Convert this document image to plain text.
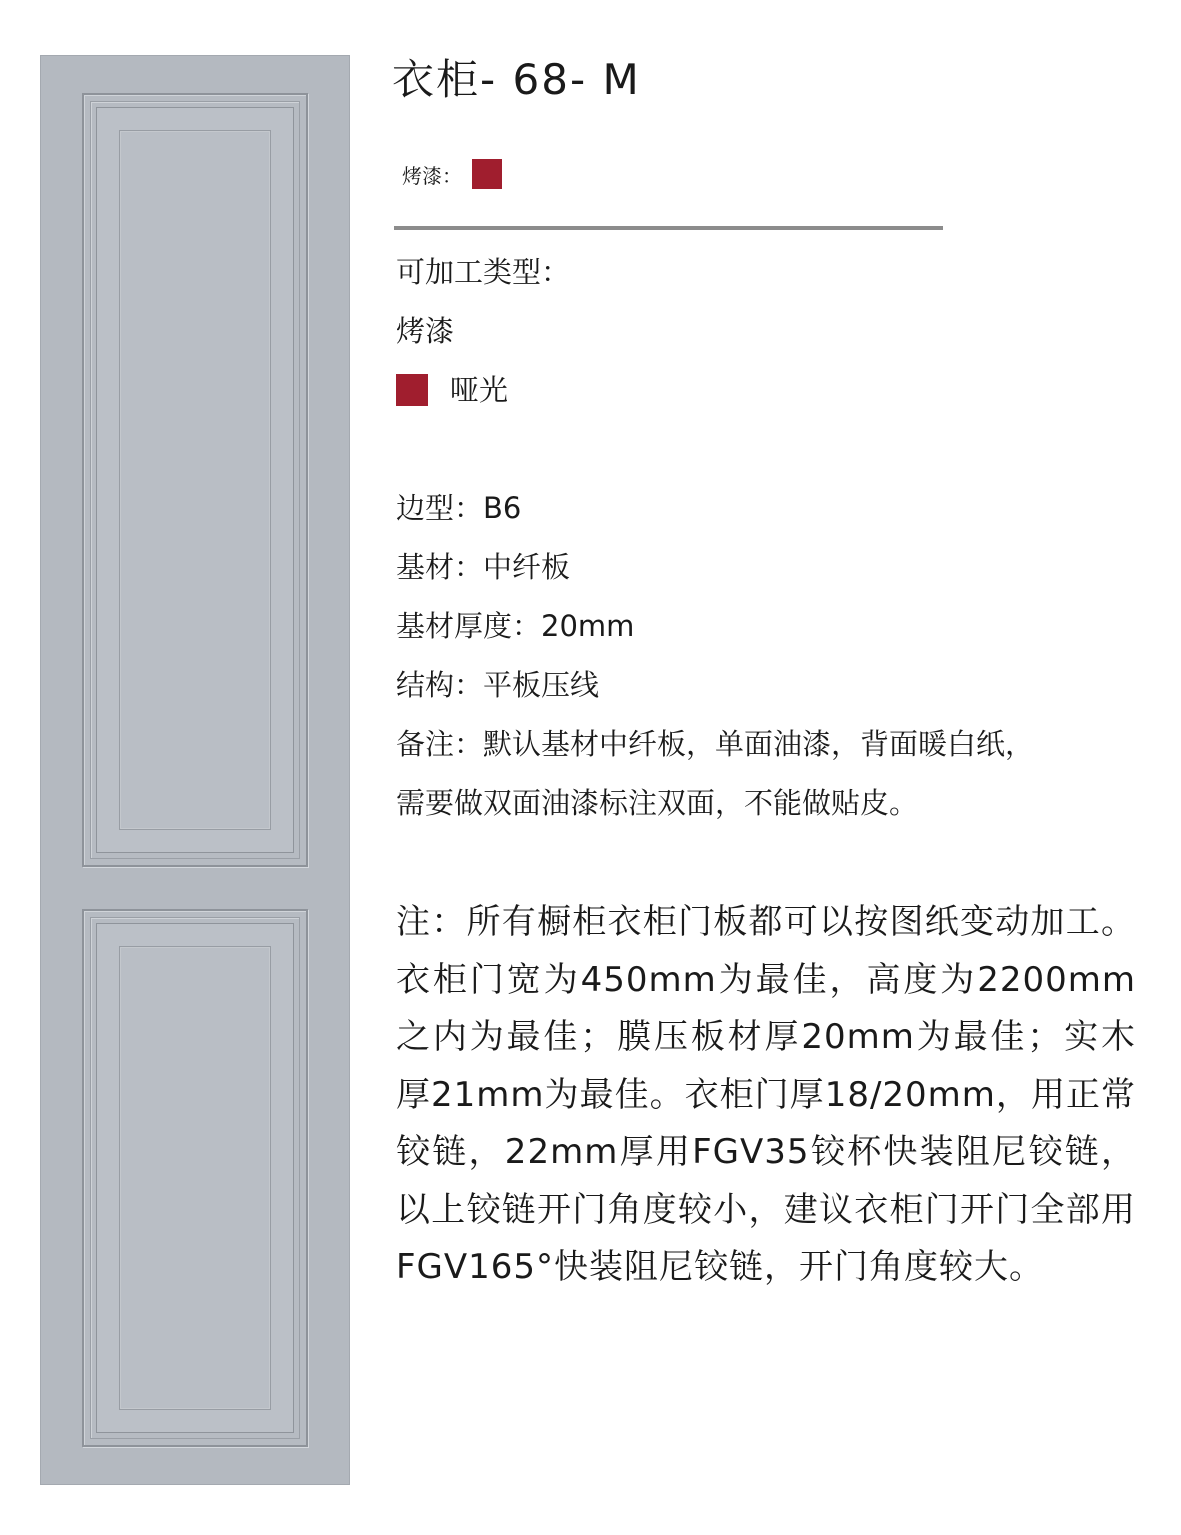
衣柜- 68- M
烤漆：
可加工类型：
烤漆
哑光
边型：B6
基材：中纤板
基材厚度：20mm
结构：平板压线
备注：默认基材中纤板，单面油漆，背面暖白纸，
需要做双面油漆标注双面，不能做贴皮。
注：所有橱柜衣柜门板都可以按图纸变动加工。衣柜门宽为450mm为最佳，高度为2200mm之内为最佳；膜压板材厚20mm为最佳；实木厚21mm为最佳。衣柜门厚18/20mm，用正常铰链，22mm厚用FGV35铰杯快装阻尼铰链，以上铰链开门角度较小，建议衣柜门开门全部用FGV165°快装阻尼铰链，开门角度较大。
